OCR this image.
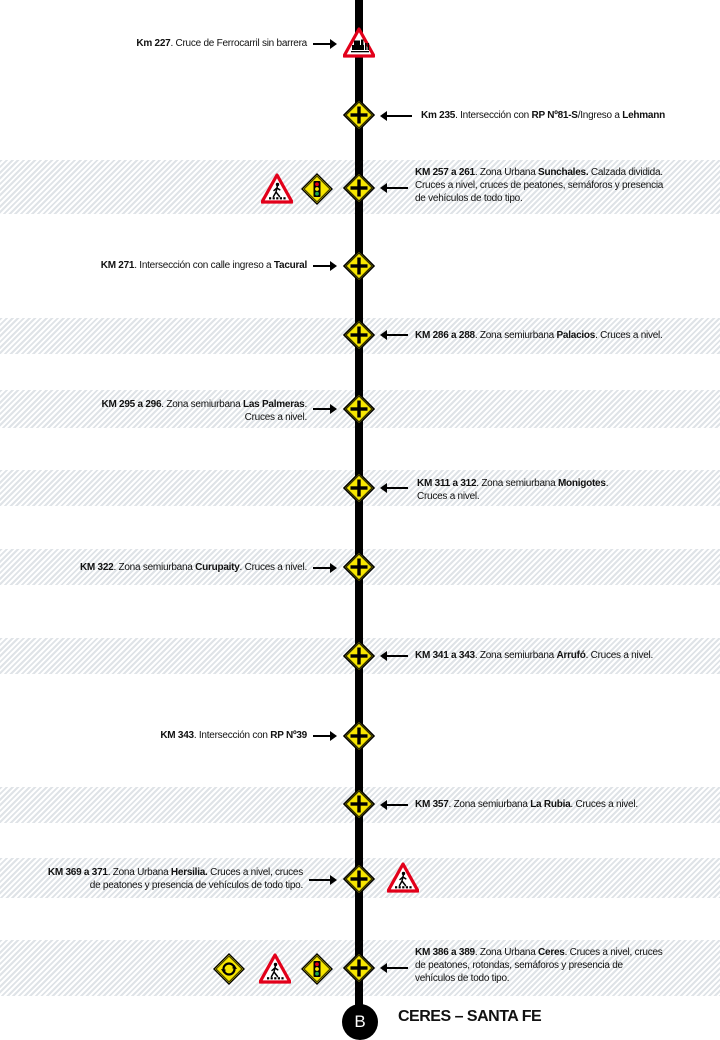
Km 227. Cruce de Ferrocarril sin barrera
Km 235. Intersección con RP Nº81-S/Ingreso a Lehmann
KM 257 a 261. Zona Urbana Sunchales. Calzada dividida.
Cruces a nivel, cruces de peatones, semáforos y presencia
de vehículos de todo tipo.
KM 271. Intersección con calle ingreso a Tacural
KM 286 a 288. Zona semiurbana Palacios. Cruces a nivel.
KM 295 a 296. Zona semiurbana Las Palmeras.
Cruces a nivel.
KM 311 a 312. Zona semiurbana Monigotes.
Cruces a nivel.
KM 322. Zona semiurbana Curupaity. Cruces a nivel.
KM 341 a 343. Zona semiurbana Arrufó. Cruces a nivel.
KM 343. Intersección con RP Nº39
KM 357. Zona semiurbana La Rubia. Cruces a nivel.
KM 369 a 371. Zona Urbana Hersilia. Cruces a nivel, cruces
de peatones y presencia de vehículos de todo tipo.
KM 386 a 389. Zona Urbana Ceres. Cruces a nivel, cruces
de peatones, rotondas, semáforos y presencia de
vehículos de todo tipo.
B	CERES – SANTA FE
